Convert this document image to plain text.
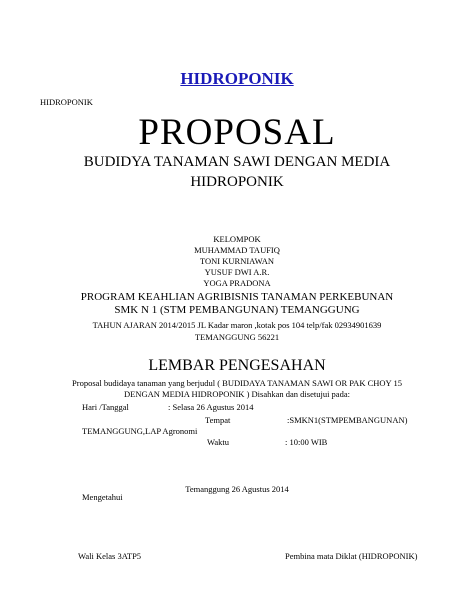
HIDROPONIK
HIDROPONIK
PROPOSAL
BUDIDYA TANAMAN SAWI DENGAN MEDIA
HIDROPONIK
KELOMPOK
MUHAMMAD TAUFIQ
TONI KURNIAWAN
YUSUF DWI A.R.
YOGA PRADONA
PROGRAM KEAHLIAN AGRIBISNIS TANAMAN PERKEBUNAN
SMK N 1 (STM PEMBANGUNAN) TEMANGGUNG
TAHUN AJARAN 2014/2015 JL Kadar maron ,kotak pos 104 telp/fak 02934901639
TEMANGGUNG 56221
LEMBAR PENGESAHAN
Proposal budidaya tanaman yang berjudul ( BUDIDAYA TANAMAN SAWI OR PAK CHOY 15
DENGAN MEDIA HIDROPONIK ) Disahkan dan disetujui pada:
Hari /Tanggal	: Selasa 26 Agustus 2014
Tempat	:SMKN1(STMPEMBANGUNAN)
TEMANGGUNG,LAP Agronomi
Waktu	: 10:00 WIB
Temanggung 26 Agustus 2014
Mengetahui
Wali Kelas 3ATP5	Pembina mata Diklat (HIDROPONIK)
